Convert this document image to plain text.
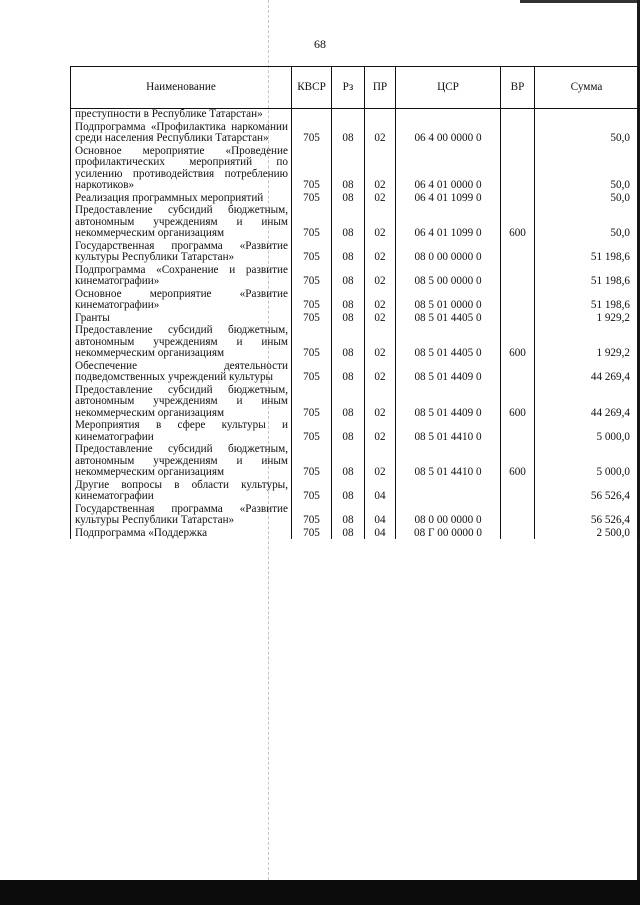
68
Наименование	КВСР	Рз	ПР	ЦСР	ВР	Сумма
преступности в Республике Татарстан»						
Подпрограмма «Профилактика наркомании среди населения Республики Татарстан»	705	08	02	06 4 00 0000 0		50,0
Основное мероприятие «Проведение профилактических мероприятий по усилению противодействия потреблению наркотиков»	705	08	02	06 4 01 0000 0		50,0
Реализация программных мероприятий	705	08	02	06 4 01 1099 0		50,0
Предоставление субсидий бюджетным, автономным учреждениям и иным некоммерческим организациям	705	08	02	06 4 01 1099 0	600	50,0
Государственная программа «Развитие культуры Республики Татарстан»	705	08	02	08 0 00 0000 0		51 198,6
Подпрограмма «Сохранение и развитие кинематографии»	705	08	02	08 5 00 0000 0		51 198,6
Основное мероприятие «Развитие кинематографии»	705	08	02	08 5 01 0000 0		51 198,6
Гранты	705	08	02	08 5 01 4405 0		1 929,2
Предоставление субсидий бюджетным, автономным учреждениям и иным некоммерческим организациям	705	08	02	08 5 01 4405 0	600	1 929,2
Обеспечение деятельности подведомственных учреждений культуры	705	08	02	08 5 01 4409 0		44 269,4
Предоставление субсидий бюджетным, автономным учреждениям и иным некоммерческим организациям	705	08	02	08 5 01 4409 0	600	44 269,4
Мероприятия в сфере культуры и кинематографии	705	08	02	08 5 01 4410 0		5 000,0
Предоставление субсидий бюджетным, автономным учреждениям и иным некоммерческим организациям	705	08	02	08 5 01 4410 0	600	5 000,0
Другие вопросы в области культуры, кинематографии	705	08	04			56 526,4
Государственная программа «Развитие культуры Республики Татарстан»	705	08	04	08 0 00 0000 0		56 526,4
Подпрограмма «Поддержка	705	08	04	08 Г 00 0000 0		2 500,0
